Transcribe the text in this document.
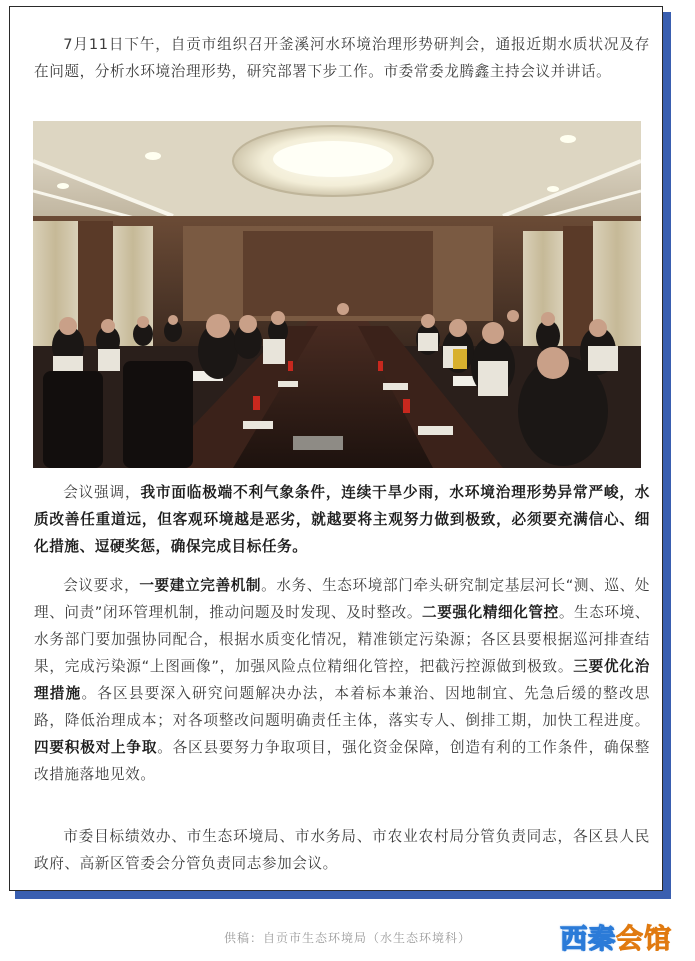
7月11日下午，自贡市组织召开釜溪河水环境治理形势研判会，通报近期水质状况及存在问题，分析水环境治理形势，研究部署下步工作。市委常委龙腾鑫主持会议并讲话。

会议强调，我市面临极端不利气象条件，连续干旱少雨，水环境治理形势异常严峻，水质改善任重道远，但客观环境越是恶劣，就越要将主观努力做到极致，必须要充满信心、细化措施、逗硬奖惩，确保完成目标任务。

会议要求，一要建立完善机制。水务、生态环境部门牵头研究制定基层河长“测、巡、处理、问责”闭环管理机制，推动问题及时发现、及时整改。二要强化精细化管控。生态环境、水务部门要加强协同配合，根据水质变化情况，精准锁定污染源；各区县要根据巡河排查结果，完成污染源“上图画像”，加强风险点位精细化管控，把截污控源做到极致。三要优化治理措施。各区县要深入研究问题解决办法，本着标本兼治、因地制宜、先急后缓的整改思路，降低治理成本；对各项整改问题明确责任主体，落实专人、倒排工期，加快工程进度。四要积极对上争取。各区县要努力争取项目，强化资金保障，创造有利的工作条件，确保整改措施落地见效。

市委目标绩效办、市生态环境局、市水务局、市农业农村局分管负责同志，各区县人民政府、高新区管委会分管负责同志参加会议。

供稿：自贡市生态环境局（水生态环境科）	西秦会馆
